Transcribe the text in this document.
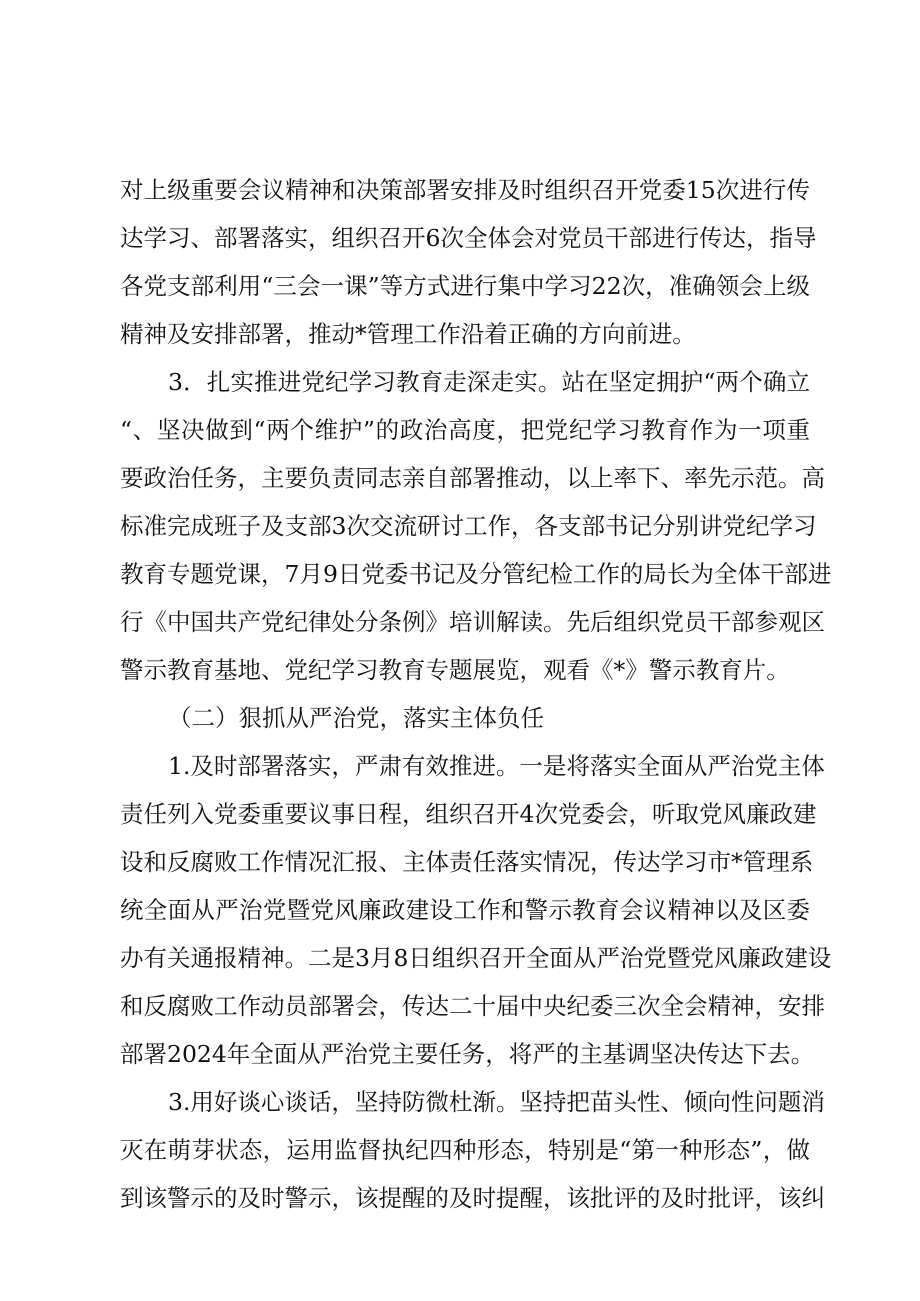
对上级重要会议精神和决策部署安排及时组织召开党委15次进行传
达学习、部署落实，组织召开6次全体会对党员干部进行传达，指导
各党支部利用“三会一课”等方式进行集中学习22次，准确领会上级
精神及安排部署，推动*管理工作沿着正确的方向前进。
3．扎实推进党纪学习教育走深走实。站在坚定拥护“两个确立
“、坚决做到“两个维护”的政治高度，把党纪学习教育作为一项重
要政治任务，主要负责同志亲自部署推动，以上率下、率先示范。高
标准完成班子及支部3次交流研讨工作，各支部书记分别讲党纪学习
教育专题党课，7月9日党委书记及分管纪检工作的局长为全体干部进
行《中国共产党纪律处分条例》培训解读。先后组织党员干部参观区
警示教育基地、党纪学习教育专题展览，观看《*》警示教育片。
（二）狠抓从严治党，落实主体负任
1.及时部署落实，严肃有效推进。一是将落实全面从严治党主体
责任列入党委重要议事日程，组织召开4次党委会，听取党风廉政建
设和反腐败工作情况汇报、主体责任落实情况，传达学习市*管理系
统全面从严治党暨党风廉政建设工作和警示教育会议精神以及区委
办有关通报精神。二是3月8日组织召开全面从严治党暨党风廉政建设
和反腐败工作动员部署会，传达二十届中央纪委三次全会精神，安排
部署2024年全面从严治党主要任务，将严的主基调坚决传达下去。
3.用好谈心谈话，坚持防微杜渐。坚持把苗头性、倾向性问题消
灭在萌芽状态，运用监督执纪四种形态，特别是“第一种形态”，做
到该警示的及时警示，该提醒的及时提醒，该批评的及时批评，该纠
